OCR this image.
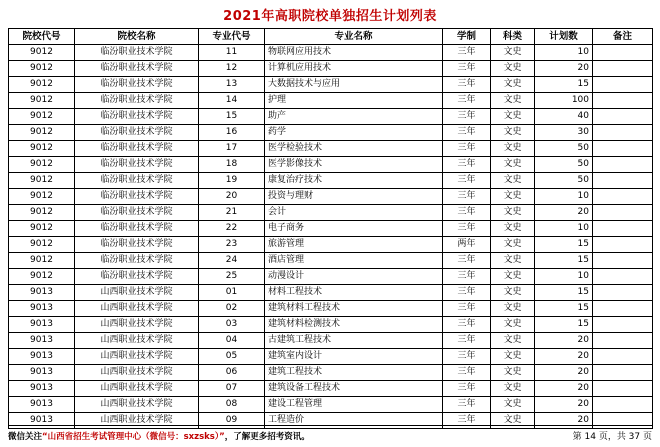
2021年高职院校单独招生计划列表
院校代号	院校名称	专业代号	专业名称	学制	科类	计划数	备注
9012	临汾职业技术学院	11	物联网应用技术	三年	文史	10	
9012	临汾职业技术学院	12	计算机应用技术	三年	文史	20	
9012	临汾职业技术学院	13	大数据技术与应用	三年	文史	15	
9012	临汾职业技术学院	14	护理	三年	文史	100	
9012	临汾职业技术学院	15	助产	三年	文史	40	
9012	临汾职业技术学院	16	药学	三年	文史	30	
9012	临汾职业技术学院	17	医学检验技术	三年	文史	50	
9012	临汾职业技术学院	18	医学影像技术	三年	文史	50	
9012	临汾职业技术学院	19	康复治疗技术	三年	文史	50	
9012	临汾职业技术学院	20	投资与理财	三年	文史	10	
9012	临汾职业技术学院	21	会计	三年	文史	20	
9012	临汾职业技术学院	22	电子商务	三年	文史	10	
9012	临汾职业技术学院	23	旅游管理	两年	文史	15	
9012	临汾职业技术学院	24	酒店管理	三年	文史	15	
9012	临汾职业技术学院	25	动漫设计	三年	文史	10	
9013	山西职业技术学院	01	材料工程技术	三年	文史	15	
9013	山西职业技术学院	02	建筑材料工程技术	三年	文史	15	
9013	山西职业技术学院	03	建筑材料检测技术	三年	文史	15	
9013	山西职业技术学院	04	古建筑工程技术	三年	文史	20	
9013	山西职业技术学院	05	建筑室内设计	三年	文史	20	
9013	山西职业技术学院	06	建筑工程技术	三年	文史	20	
9013	山西职业技术学院	07	建筑设备工程技术	三年	文史	20	
9013	山西职业技术学院	08	建设工程管理	三年	文史	20	
9013	山西职业技术学院	09	工程造价	三年	文史	20	
微信关注“山西省招生考试管理中心（微信号：sxzsks）”，了解更多招考资讯。	第 14 页，共 37 页
